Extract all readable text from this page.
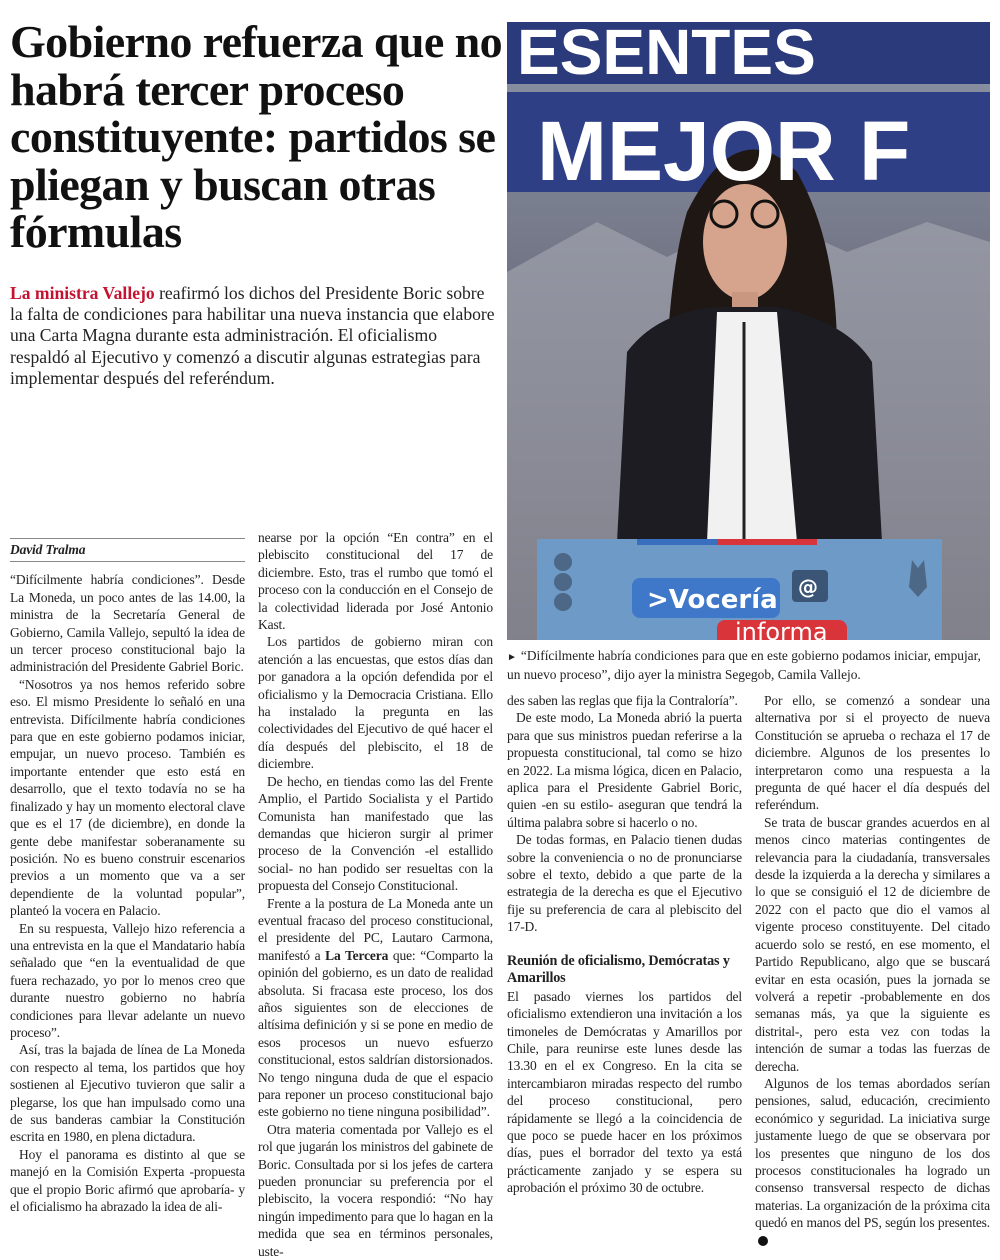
Gobierno refuerza que no habrá tercer proceso constituyente: partidos se pliegan y buscan otras fórmulas

La ministra Vallejo reafirmó los dichos del Presidente Boric sobre la falta de condiciones para habilitar una nueva instancia que elabore una Carta Magna durante esta administración. El oficialismo respaldó al Ejecutivo y comenzó a discutir algunas estrategias para implementar después del referéndum.

ESENTES
MEJOR F
>Vocería
informa
@

► “Difícilmente habría condiciones para que en este gobierno podamos iniciar, empujar, un nuevo proceso”, dijo ayer la ministra Segegob, Camila Vallejo.

David Tralma

“Difícilmente habría condiciones”. Desde La Moneda, un poco antes de las 14.00, la ministra de la Secretaría General de Gobierno, Camila Vallejo, sepultó la idea de un tercer proceso constitucional bajo la administración del Presidente Gabriel Boric.

“Nosotros ya nos hemos referido sobre eso. El mismo Presidente lo señaló en una entrevista. Difícilmente habría condiciones para que en este gobierno podamos iniciar, empujar, un nuevo proceso. También es importante entender que esto está en desarrollo, que el texto todavía no se ha finalizado y hay un momento electoral clave que es el 17 (de diciembre), en donde la gente debe manifestar soberanamente su posición. No es bueno construir escenarios previos a un momento que va a ser dependiente de la voluntad popular”, planteó la vocera en Palacio.

En su respuesta, Vallejo hizo referencia a una entrevista en la que el Mandatario había señalado que “en la eventualidad de que fuera rechazado, yo por lo menos creo que durante nuestro gobierno no habría condiciones para llevar adelante un nuevo proceso”.

Así, tras la bajada de línea de La Moneda con respecto al tema, los partidos que hoy sostienen al Ejecutivo tuvieron que salir a plegarse, los que han impulsado como una de sus banderas cambiar la Constitución escrita en 1980, en plena dictadura.

Hoy el panorama es distinto al que se manejó en la Comisión Experta -propuesta que el propio Boric afirmó que aprobaría- y el oficialismo ha abrazado la idea de ali-

nearse por la opción “En contra” en el plebiscito constitucional del 17 de diciembre. Esto, tras el rumbo que tomó el proceso con la conducción en el Consejo de la colectividad liderada por José Antonio Kast.

Los partidos de gobierno miran con atención a las encuestas, que estos días dan por ganadora a la opción defendida por el oficialismo y la Democracia Cristiana. Ello ha instalado la pregunta en las colectividades del Ejecutivo de qué hacer el día después del plebiscito, el 18 de diciembre.

De hecho, en tiendas como las del Frente Amplio, el Partido Socialista y el Partido Comunista han manifestado que las demandas que hicieron surgir al primer proceso de la Convención -el estallido social- no han podido ser resueltas con la propuesta del Consejo Constitucional.

Frente a la postura de La Moneda ante un eventual fracaso del proceso constitucional, el presidente del PC, Lautaro Carmona, manifestó a La Tercera que: “Comparto la opinión del gobierno, es un dato de realidad absoluta. Si fracasa este proceso, los dos años siguientes son de elecciones de altísima definición y si se pone en medio de esos procesos un nuevo esfuerzo constitucional, estos saldrían distorsionados. No tengo ninguna duda de que el espacio para reponer un proceso constitucional bajo este gobierno no tiene ninguna posibilidad”.

Otra materia comentada por Vallejo es el rol que jugarán los ministros del gabinete de Boric. Consultada por si los jefes de cartera pueden pronunciar su preferencia por el plebiscito, la vocera respondió: “No hay ningún impedimento para que lo hagan en la medida que sea en términos personales, uste-

des saben las reglas que fija la Contraloría”.

De este modo, La Moneda abrió la puerta para que sus ministros puedan referirse a la propuesta constitucional, tal como se hizo en 2022. La misma lógica, dicen en Palacio, aplica para el Presidente Gabriel Boric, quien -en su estilo- aseguran que tendrá la última palabra sobre si hacerlo o no.

De todas formas, en Palacio tienen dudas sobre la conveniencia o no de pronunciarse sobre el texto, debido a que parte de la estrategia de la derecha es que el Ejecutivo fije su preferencia de cara al plebiscito del 17-D.

Reunión de oficialismo, Demócratas y Amarillos

El pasado viernes los partidos del oficialismo extendieron una invitación a los timoneles de Demócratas y Amarillos por Chile, para reunirse este lunes desde las 13.30 en el ex Congreso. En la cita se intercambiaron miradas respecto del rumbo del proceso constitucional, pero rápidamente se llegó a la coincidencia de que poco se puede hacer en los próximos días, pues el borrador del texto ya está prácticamente zanjado y se espera su aprobación el próximo 30 de octubre.

Por ello, se comenzó a sondear una alternativa por si el proyecto de nueva Constitución se aprueba o rechaza el 17 de diciembre. Algunos de los presentes lo interpretaron como una respuesta a la pregunta de qué hacer el día después del referéndum.

Se trata de buscar grandes acuerdos en al menos cinco materias contingentes de relevancia para la ciudadanía, transversales desde la izquierda a la derecha y similares a lo que se consiguió el 12 de diciembre de 2022 con el pacto que dio el vamos al vigente proceso constituyente. Del citado acuerdo solo se restó, en ese momento, el Partido Republicano, algo que se buscará evitar en esta ocasión, pues la jornada se volverá a repetir -probablemente en dos semanas más, ya que la siguiente es distrital-, pero esta vez con todas la intención de sumar a todas las fuerzas de derecha.

Algunos de los temas abordados serían pensiones, salud, educación, crecimiento económico y seguridad. La iniciativa surge justamente luego de que se observara por los presentes que ninguno de los dos procesos constitucionales ha logrado un consenso transversal respecto de dichas materias. La organización de la próxima cita quedó en manos del PS, según los presentes.
